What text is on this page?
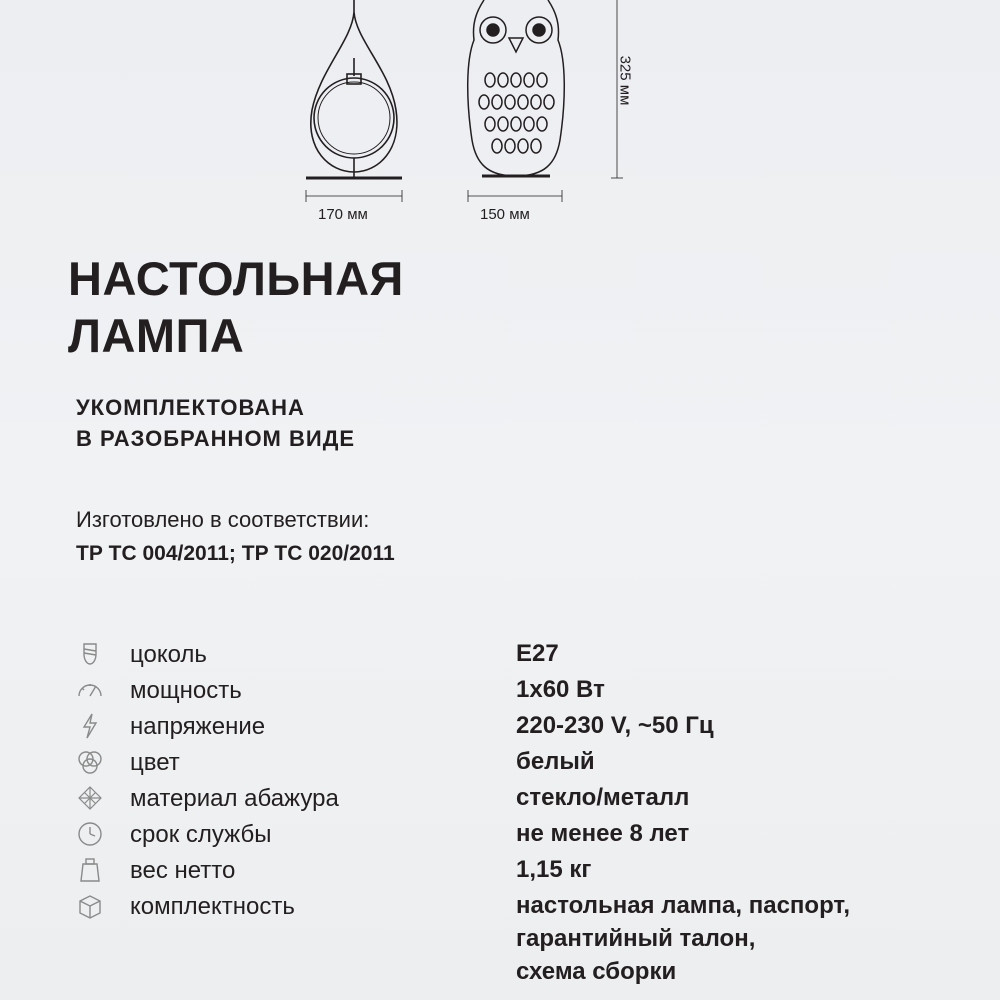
170 мм	150 мм
325 мм
НАСТОЛЬНАЯ
ЛАМПА
УКОМПЛЕКТОВАНА
В РАЗОБРАННОМ ВИДЕ
Изготовлено в соответствии:
ТР ТС 004/2011; ТР ТС 020/2011
цоколь	E27
мощность	1х60 Вт
напряжение	220-230 V, ~50 Гц
цвет	белый
материал абажура	стекло/металл
срок службы	не менее 8 лет
вес нетто	1,15 кг
комплектность	настольная лампа, паспорт,
гарантийный талон,
схема сборки
